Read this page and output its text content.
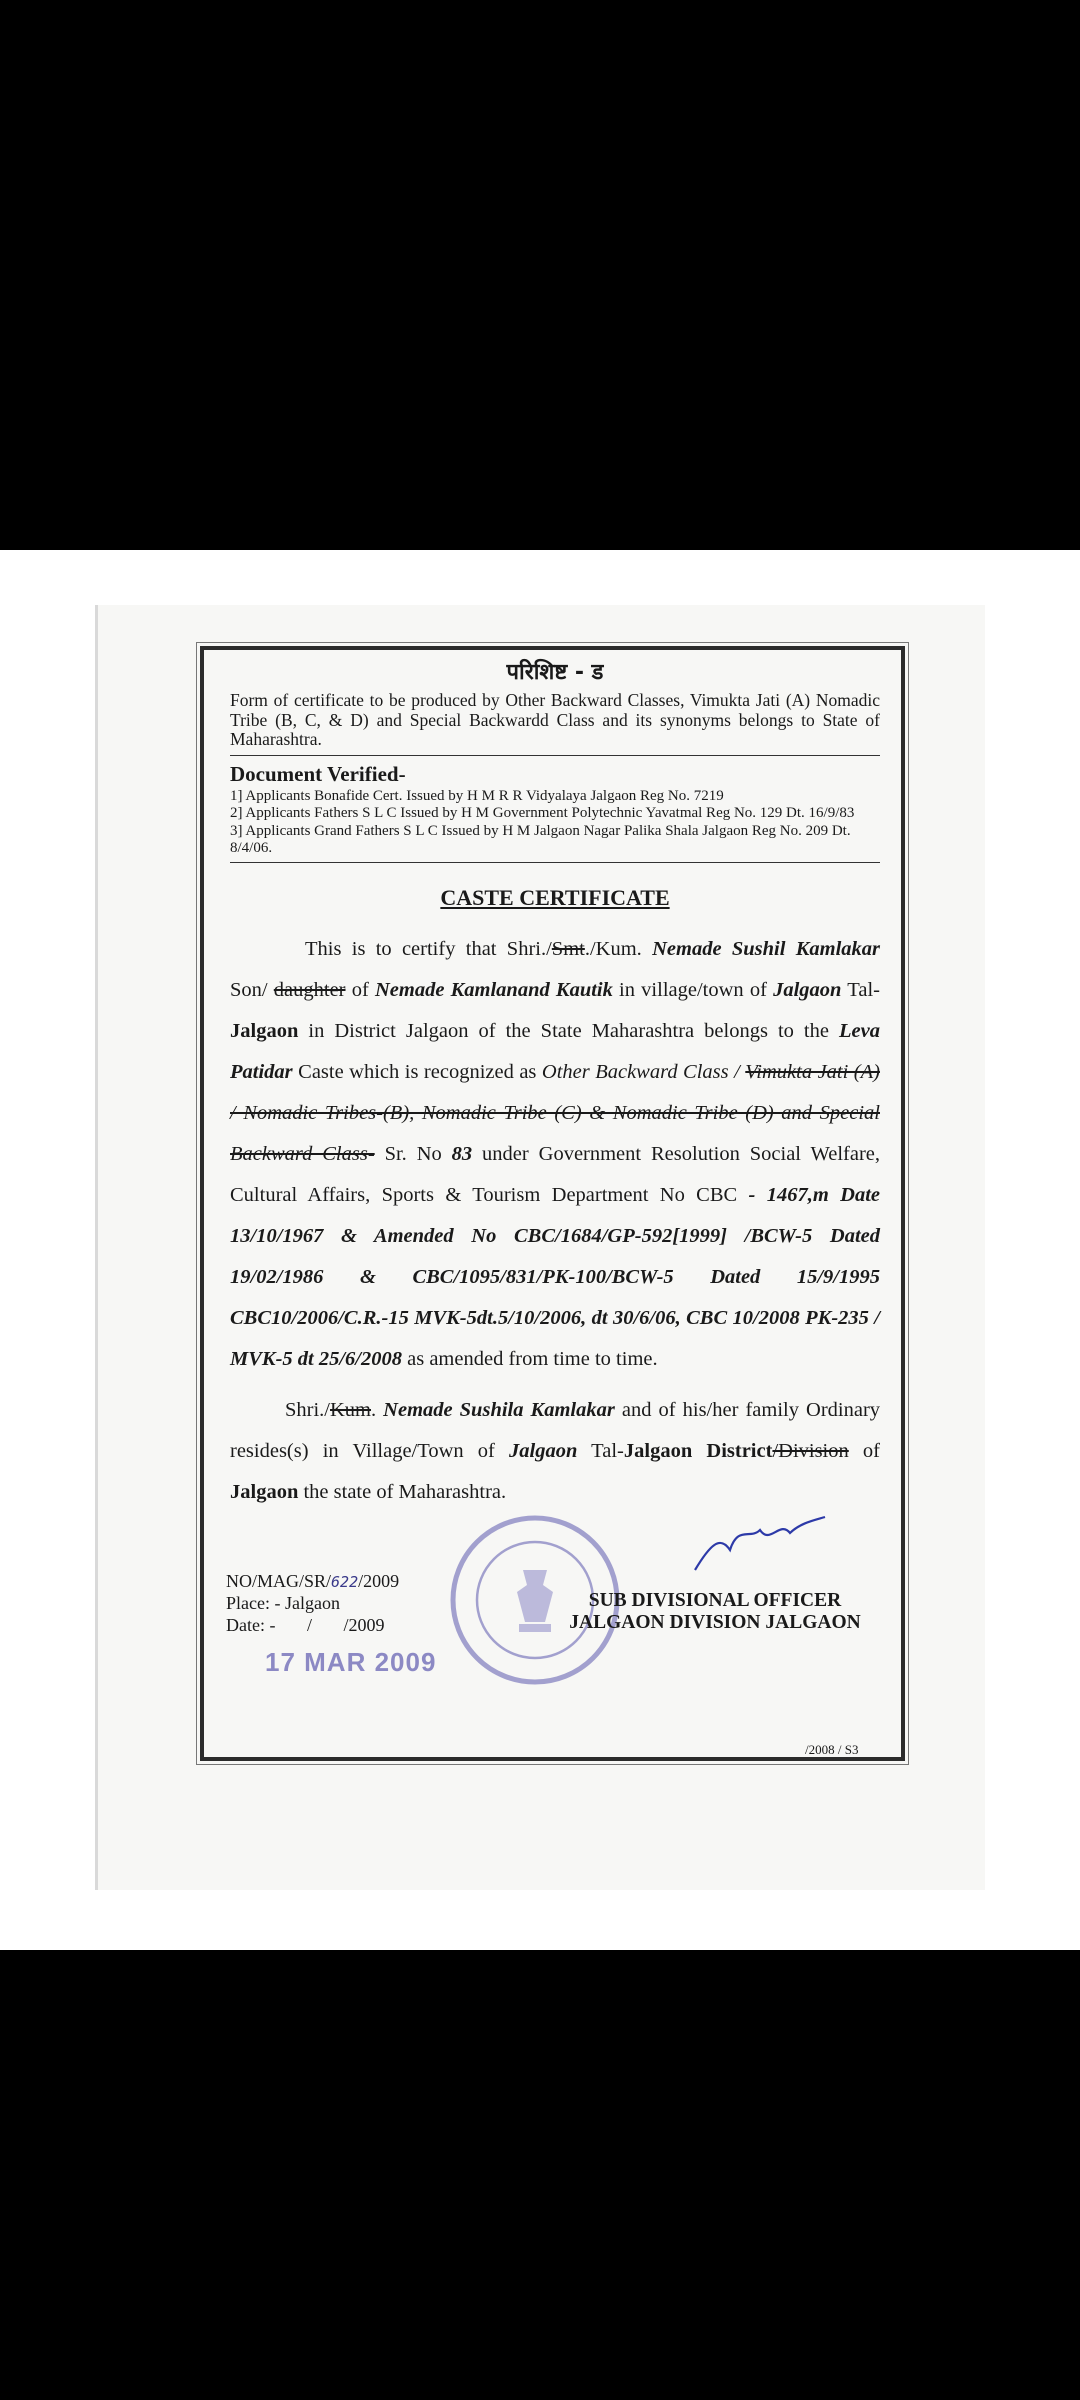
परिशिष्ट - ड

Form of certificate to be produced by Other Backward Classes, Vimukta Jati (A) Nomadic Tribe (B, C, & D) and Special Backwardd Class and its synonyms belongs to State of Maharashtra.

Document Verified-

1] Applicants Bonafide Cert. Issued by H M R R Vidyalaya Jalgaon Reg No. 7219

2] Applicants Fathers S L C Issued by H M Government Polytechnic Yavatmal Reg No. 129 Dt. 16/9/83

3] Applicants Grand Fathers S L C Issued by H M Jalgaon Nagar Palika Shala Jalgaon Reg No. 209 Dt. 8/4/06.

CASTE CERTIFICATE

This is to certify that Shri./Smt./Kum. Nemade Sushil Kamlakar Son/ daughter of Nemade Kamlanand Kautik in village/town of Jalgaon Tal- Jalgaon in District Jalgaon of the State Maharashtra belongs to the Leva Patidar Caste which is recognized as Other Backward Class / Vimukta Jati (A) / Nomadic Tribes-(B), Nomadic Tribe (C) & Nomadic Tribe (D) and Special Backward Class- Sr. No 83 under Government Resolution Social Welfare, Cultural Affairs, Sports & Tourism Department No CBC - 1467,m Date 13/10/1967 & Amended No CBC/1684/GP-592[1999] /BCW-5 Dated 19/02/1986 & CBC/1095/831/PK-100/BCW-5 Dated 15/9/1995 CBC10/2006/C.R.-15 MVK-5dt.5/10/2006, dt 30/6/06, CBC 10/2008 PK-235 / MVK-5 dt 25/6/2008 as amended from time to time.

Shri./Kum. Nemade Sushila Kamlakar and of his/her family Ordinary resides(s) in Village/Town of Jalgaon Tal-Jalgaon District/Division of Jalgaon the state of Maharashtra.

17 MAR 2009
NO/MAG/SR/622/2009
Place: - Jalgaon
Date: - / /2009
SUB DIVISIONAL OFFICER
JALGAON DIVISION JALGAON
/2008 / S3
